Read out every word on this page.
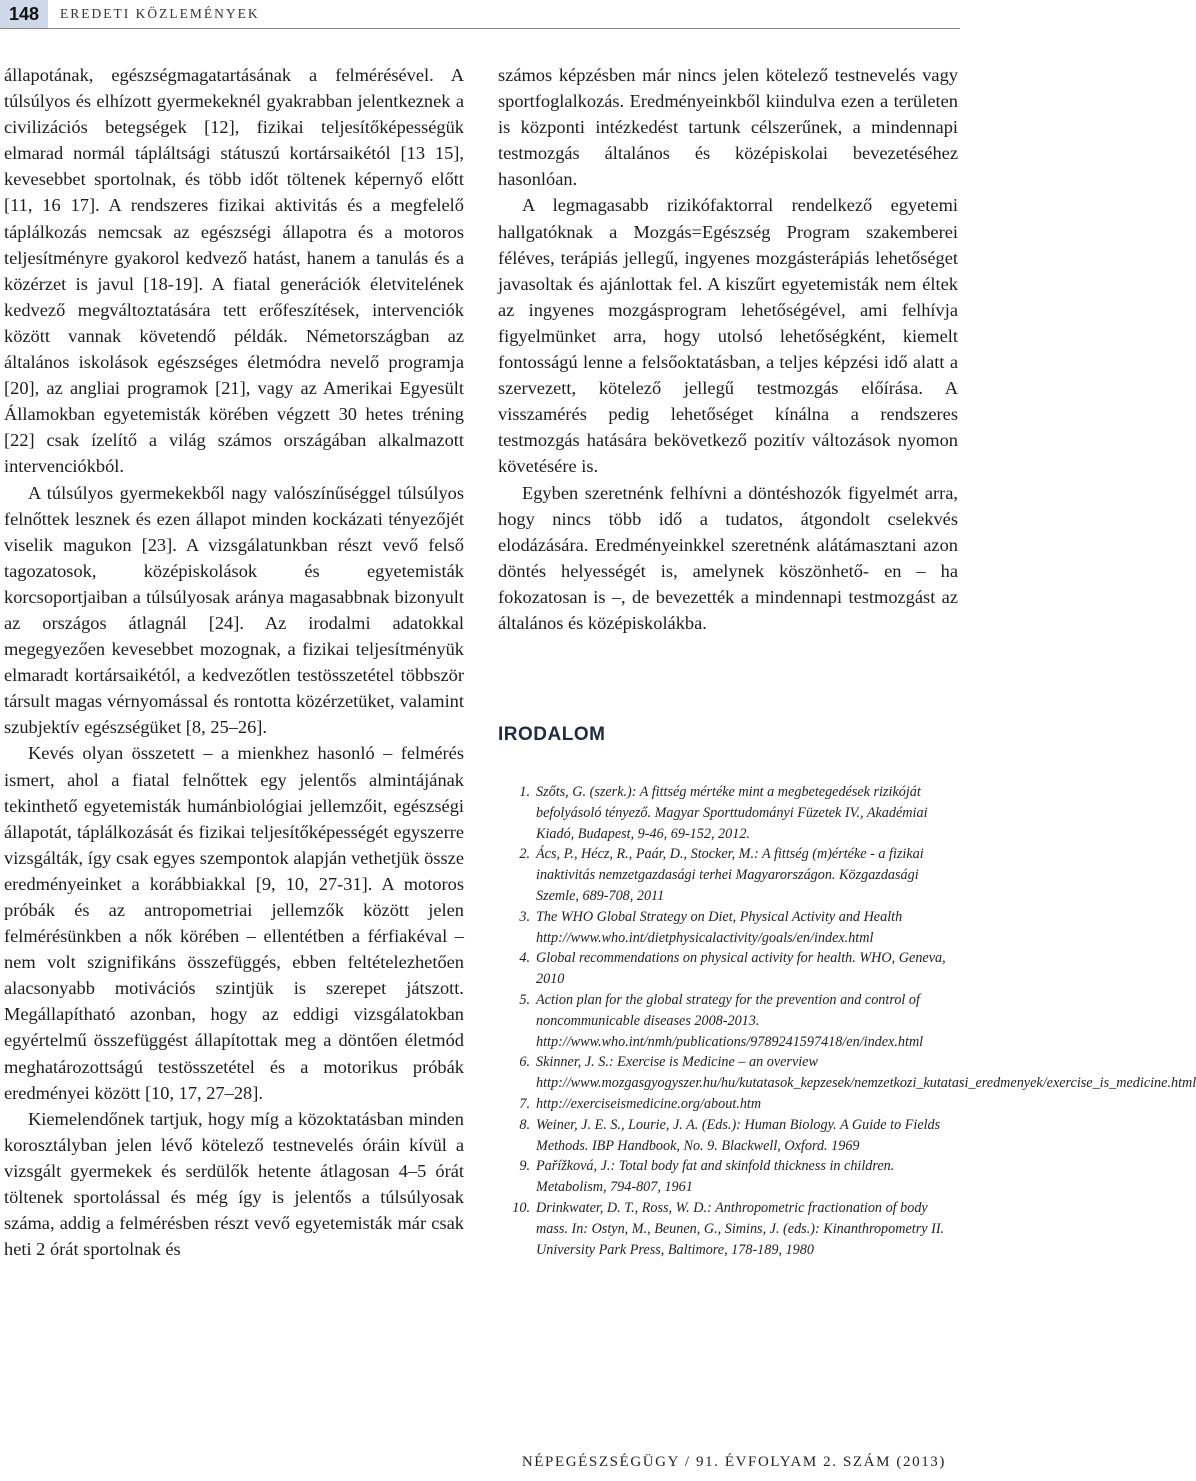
148	EREDETI KÖZLEMÉNYEK

állapotának, egészségmagatartásának a felmérésével. A túlsúlyos és elhízott gyermekeknél gyakrabban jelentkeznek a civilizációs betegségek [12], fizikai teljesítőképességük elmarad normál tápláltsági státuszú kortársaikétól [13 15], kevesebbet sportolnak, és több időt töltenek képernyő előtt [11, 16 17]. A rendszeres fizikai aktivitás és a megfelelő táplálkozás nemcsak az egészségi állapotra és a motoros teljesítményre gyakorol kedvező hatást, hanem a tanulás és a közérzet is javul [18-19]. A fiatal generációk életvitelének kedvező megváltoztatására tett erőfeszítések, intervenciók között vannak követendő példák. Németországban az általános iskolások egészséges életmódra nevelő programja [20], az angliai programok [21], vagy az Amerikai Egyesült Államokban egyetemisták körében végzett 30 hetes tréning [22] csak ízelítő a világ számos országában alkalmazott intervenciókból.

A túlsúlyos gyermekekből nagy valószínűséggel túlsúlyos felnőttek lesznek és ezen állapot minden kockázati tényezőjét viselik magukon [23]. A vizsgálatunkban részt vevő felső tagozatosok, középiskolások és egyetemisták korcsoportjaiban a túlsúlyosak aránya magasabbnak bizonyult az országos átlagnál [24]. Az irodalmi adatokkal megegyezően kevesebbet mozognak, a fizikai teljesítményük elmaradt kortársaikétól, a kedvezőtlen testösszetétel többször társult magas vérnyomással és rontotta közérzetüket, valamint szubjektív egészségüket [8, 25–26].

Kevés olyan összetett – a mienkhez hasonló – felmérés ismert, ahol a fiatal felnőttek egy jelentős almintájának tekinthető egyetemisták humánbiológiai jellemzőit, egészségi állapotát, táplálkozását és fizikai teljesítőképességét egyszerre vizsgálták, így csak egyes szempontok alapján vethetjük össze eredményeinket a korábbiakkal [9, 10, 27-31]. A motoros próbák és az antropometriai jellemzők között jelen felmérésünkben a nők körében – ellentétben a férfiakéval – nem volt szignifikáns összefüggés, ebben feltételezhetően alacsonyabb motivációs szintjük is szerepet játszott. Megállapítható azonban, hogy az eddigi vizsgálatokban egyértelmű összefüggést állapítottak meg a döntően életmód meghatározottságú testösszetétel és a motorikus próbák eredményei között [10, 17, 27–28].

Kiemelendőnek tartjuk, hogy míg a közoktatásban minden korosztályban jelen lévő kötelező testnevelés óráin kívül a vizsgált gyermekek és serdülők hetente átlagosan 4–5 órát töltenek sportolással és még így is jelentős a túlsúlyosak száma, addig a felmérésben részt vevő egyetemisták már csak heti 2 órát sportolnak és

számos képzésben már nincs jelen kötelező testnevelés vagy sportfoglalkozás. Eredményeinkből kiindulva ezen a területen is központi intézkedést tartunk célszerűnek, a mindennapi testmozgás általános és középiskolai bevezetéséhez hasonlóan.

A legmagasabb rizikófaktorral rendelkező egyetemi hallgatóknak a Mozgás=Egészség Program szakemberei féléves, terápiás jellegű, ingyenes mozgásterápiás lehetőséget javasoltak és ajánlottak fel. A kiszűrt egyetemisták nem éltek az ingyenes mozgásprogram lehetőségével, ami felhívja figyelmünket arra, hogy utolsó lehetőségként, kiemelt fontosságú lenne a felsőoktatásban, a teljes képzési idő alatt a szervezett, kötelező jellegű testmozgás előírása. A visszamérés pedig lehetőséget kínálna a rendszeres testmozgás hatására bekövetkező pozitív változások nyomon követésére is.

Egyben szeretnénk felhívni a döntéshozók figyelmét arra, hogy nincs több idő a tudatos, átgondolt cselekvés elodázására. Eredményeinkkel szeretnénk alátámasztani azon döntés helyességét is, amelynek köszönhető- en – ha fokozatosan is –, de bevezették a mindennapi testmozgást az általános és középiskolákba.

IRODALOM
1. Szőts, G. (szerk.): A fittség mértéke mint a megbetegedések rizikóját befolyásoló tényező. Magyar Sporttudományi Füzetek IV., Akadémiai Kiadó, Budapest, 9-46, 69-152, 2012.
2. Ács, P., Hécz, R., Paár, D., Stocker, M.: A fittség (m)értéke - a fizikai inaktivitás nemzetgazdasági terhei Magyarországon. Közgazdasági Szemle, 689-708, 2011
3. The WHO Global Strategy on Diet, Physical Activity and Health http://www.who.int/dietphysicalactivity/goals/en/index.html
4. Global recommendations on physical activity for health. WHO, Geneva, 2010
5. Action plan for the global strategy for the prevention and control of noncommunicable diseases 2008-2013. http://www.who.int/nmh/publications/9789241597418/en/index.html
6. Skinner, J. S.: Exercise is Medicine – an overview http://www.mozgasgyogyszer.hu/hu/kutatasok_kepzesek/nemzetkozi_kutatasi_eredmenyek/exercise_is_medicine.html
7. http://exerciseismedicine.org/about.htm
8. Weiner, J. E. S., Lourie, J. A. (Eds.): Human Biology. A Guide to Fields Methods. IBP Handbook, No. 9. Blackwell, Oxford. 1969
9. Pařížková, J.: Total body fat and skinfold thickness in children. Metabolism, 794-807, 1961
10. Drinkwater, D. T., Ross, W. D.: Anthropometric fractionation of body mass. In: Ostyn, M., Beunen, G., Simins, J. (eds.): Kinanthropometry II. University Park Press, Baltimore, 178-189, 1980
NÉPEGÉSZSÉGÜGY / 91. ÉVFOLYAM 2. SZÁM (2013)
